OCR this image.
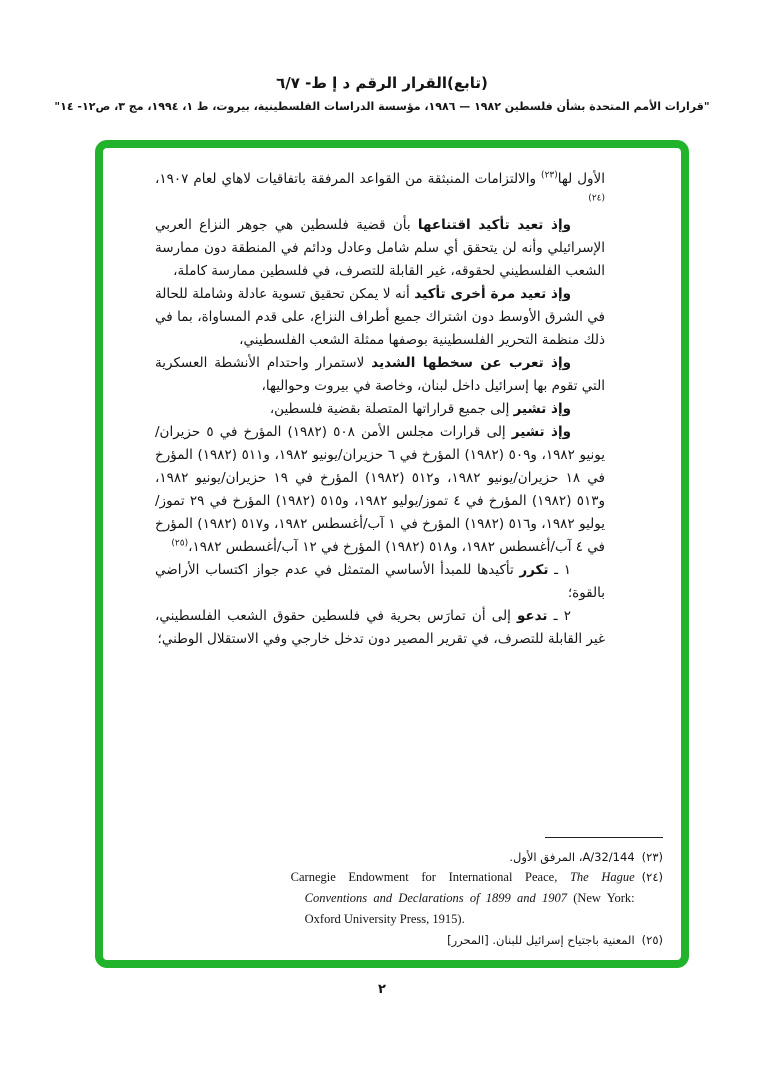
(تابع)القرار الرقم د إ ط- ٦/٧
"قرارات الأمم المتحدة بشأن فلسطين ١٩٨٢ — ١٩٨٦، مؤسسة الدراسات الفلسطينية، بيروت، ط ١، ١٩٩٤، مج ٣، ص١٢- ١٤"

الأول لها$^{(٢٣)}$ والالتزامات المنبثقة من القواعد المرفقة باتفاقيات لاهاي لعام ١٩٠٧،$^{(٢٤)}$

وإذ تعيد تأكيد اقتناعها بأن قضية فلسطين هي جوهر النزاع العربي الإسرائيلي وأنه لن يتحقق أي سلم شامل وعادل ودائم في المنطقة دون ممارسة الشعب الفلسطيني لحقوقه، غير القابلة للتصرف، في فلسطين ممارسة كاملة،

وإذ تعيد مرة أخرى تأكيد أنه لا يمكن تحقيق تسوية عادلة وشاملة للحالة في الشرق الأوسط دون اشتراك جميع أطراف النزاع، على قدم المساواة، بما في ذلك منظمة التحرير الفلسطينية بوصفها ممثلة الشعب الفلسطيني،

وإذ تعرب عن سخطها الشديد لاستمرار واحتدام الأنشطة العسكرية التي تقوم بها إسرائيل داخل لبنان، وخاصة في بيروت وحواليها،

وإذ تشير إلى جميع قراراتها المتصلة بقضية فلسطين،

وإذ تشير إلى قرارات مجلس الأمن ٥٠٨ (١٩٨٢) المؤرخ في ٥ حزيران/يونيو ١٩٨٢، و٥٠٩ (١٩٨٢) المؤرخ في ٦ حزيران/يونيو ١٩٨٢، و٥١١ (١٩٨٢) المؤرخ في ١٨ حزيران/يونيو ١٩٨٢، و٥١٢ (١٩٨٢) المؤرخ في ١٩ حزيران/يونيو ١٩٨٢، و٥١٣ (١٩٨٢) المؤرخ في ٤ تموز/يوليو ١٩٨٢، و٥١٥ (١٩٨٢) المؤرخ في ٢٩ تموز/يوليو ١٩٨٢، و٥١٦ (١٩٨٢) المؤرخ في ١ آب/أغسطس ١٩٨٢، و٥١٧ (١٩٨٢) المؤرخ في ٤ آب/أغسطس ١٩٨٢، و٥١٨ (١٩٨٢) المؤرخ في ١٢ آب/أغسطس ١٩٨٢،$^{(٢٥)}$

١ ـ تكرر تأكيدها للمبدأ الأساسي المتمثل في عدم جواز اكتساب الأراضي بالقوة؛

٢ ـ تدعو إلى أن تمارَس بحرية في فلسطين حقوق الشعب الفلسطيني، غير القابلة للتصرف، في تقرير المصير دون تدخل خارجي وفي الاستقلال الوطني؛

(٢٣)A/32/144، المرفق الأول.
(٢٤)Carnegie Endowment for International Peace, The Hague Conventions and Declarations of 1899 and 1907 (New York: Oxford University Press, 1915).
(٢٥)المعنية باجتياح إسرائيل للبنان. [المحرر]
٢
